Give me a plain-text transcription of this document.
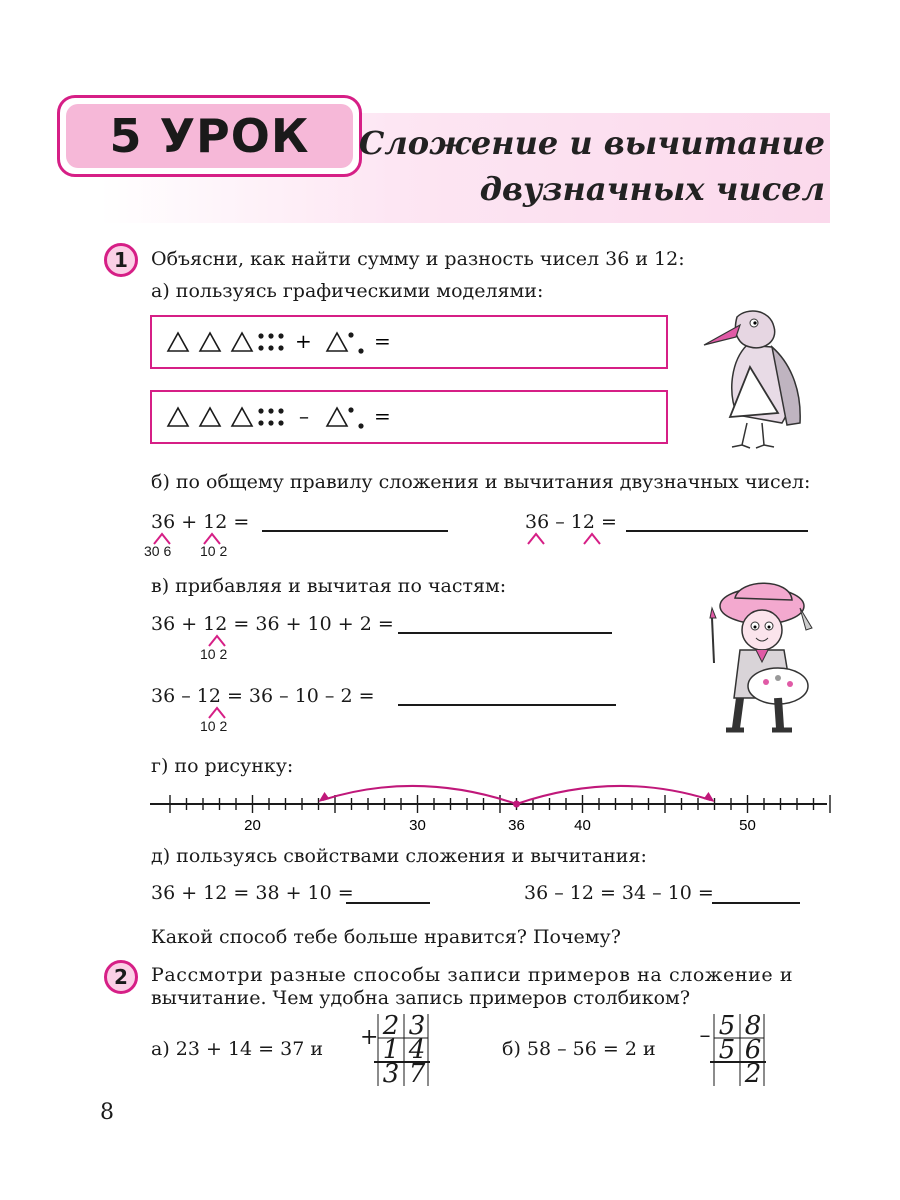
5 УРОК Сложение и вычитание
двузначных чисел
1	Объясни, как найти сумму и разность чисел 36 и 12:
а) пользуясь графическими моделями:
+	=
–	=
б) по общему правилу сложения и вычитания двузначных чисел:
36 + 12 =
30 6 10 2
36 – 12 =
в) прибавляя и вычитая по частям:
36 + 12 = 36 + 10 + 2 =
10 2
36 – 12 = 36 – 10 – 2 =
10 2
г) по рисунку:
20	30	36	40	50
д) пользуясь свойствами сложения и вычитания:
36 + 12 = 38 + 10 =	36 – 12 = 34 – 10 =
Какой способ тебе больше нравится? Почему?
2	Рассмотри разные способы записи примеров на сложение и
вычитание. Чем удобна запись примеров столбиком?
а) 23 + 14 = 37 и + 2 3
1 4
3 7
б) 58 – 56 = 2 и
– 5 8
5 6
2
8
